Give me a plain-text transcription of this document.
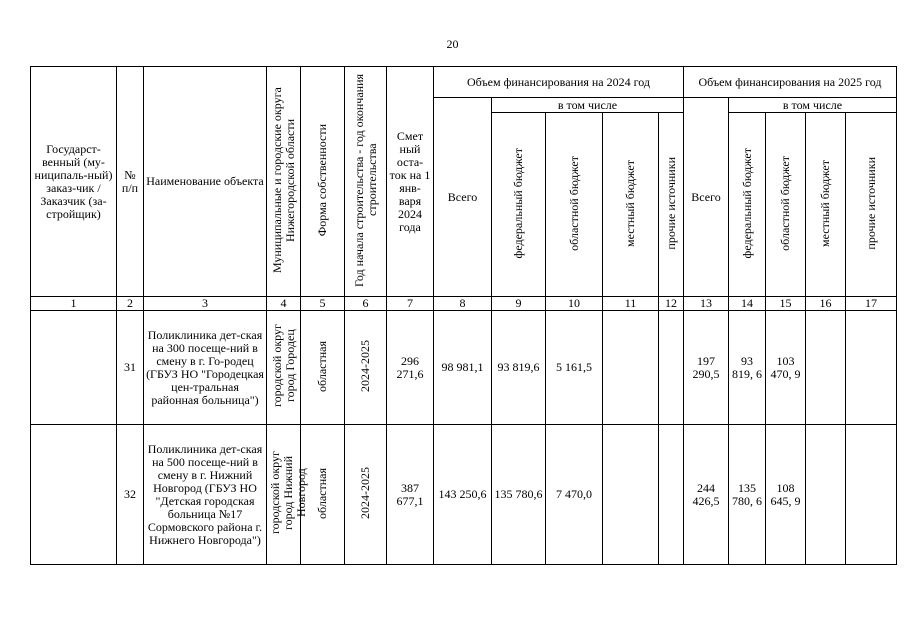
20
Государст-венный (му-ниципаль-ный) заказ-чик / Заказчик (за-стройщик)	№ п/п	Наименование объекта	Муниципальные и городские округа Нижегородской области	Форма собственности	Год начала строительства - год окончания строительства	Смет ный оста-ток на 1 янв-варя 2024 года	Объем финансирования на 2024 год					Объем финансирования на 2025 год				
							Всего	в том числе				Всего	в том числе			
								федеральный бюджет	областной бюджет	местный бюджет	прочие источники		федеральный бюджет	областной бюджет	местный бюджет	прочие источники
1	2	3	4	5	6	7	8	9	10	11	12	13	14	15	16	17
	31	Поликлиника дет-ская на 300 посеще-ний в смену в г. Го-родец (ГБУЗ НО "Городецкая цен-тральная районная больница")	городской округ город Городец	областная	2024-2025	296 271,6	98 981,1	93 819,6	5 161,5			197 290,5	93 819, 6	103 470, 9		
	32	Поликлиника дет-ская на 500 посеще-ний в смену в г. Нижний Новгород (ГБУЗ НО "Детская городская больница №17 Сормовского района г. Нижнего Новгорода")	городской округ город Нижний Новгород	областная	2024-2025	387 677,1	143 250,6	135 780,6	7 470,0			244 426,5	135 780, 6	108 645, 9		
